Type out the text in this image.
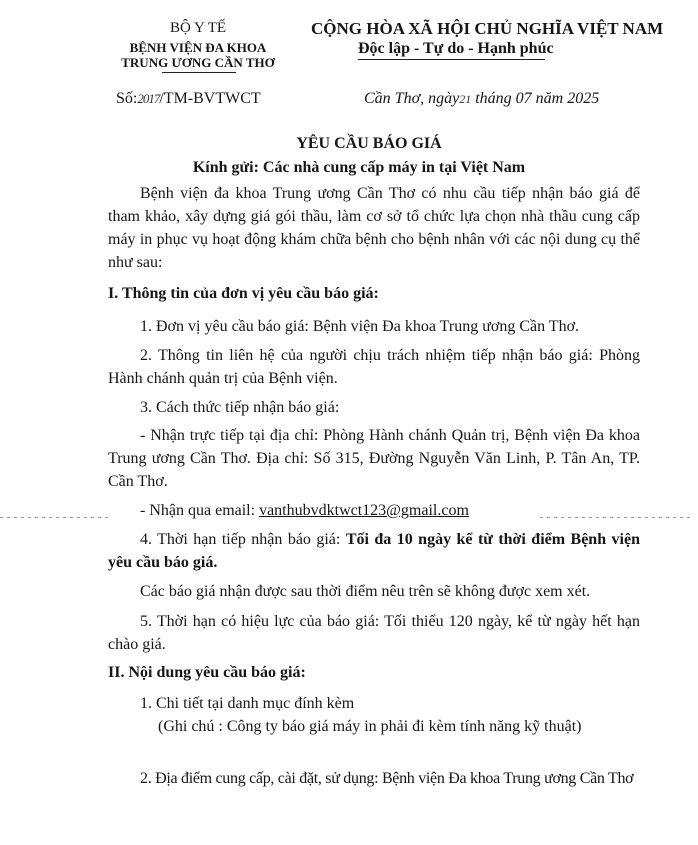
BỘ Y TẾ
BỆNH VIỆN ĐA KHOA
TRUNG ƯƠNG CẦN THƠ
CỘNG HÒA XÃ HỘI CHỦ NGHĨA VIỆT NAM
Độc lập - Tự do - Hạnh phúc
Số:2017/TM-BVTWCT	Cần Thơ, ngày21 tháng 07 năm 2025
YÊU CẦU BÁO GIÁ
Kính gửi: Các nhà cung cấp máy in tại Việt Nam

Bệnh viện đa khoa Trung ương Cần Thơ có nhu cầu tiếp nhận báo giá để tham khảo, xây dựng giá gói thầu, làm cơ sở tổ chức lựa chọn nhà thầu cung cấp máy in phục vụ hoạt động khám chữa bệnh cho bệnh nhân với các nội dung cụ thể như sau:

I. Thông tin của đơn vị yêu cầu báo giá:

1. Đơn vị yêu cầu báo giá: Bệnh viện Đa khoa Trung ương Cần Thơ.

2. Thông tin liên hệ của người chịu trách nhiệm tiếp nhận báo giá: Phòng Hành chánh quản trị của Bệnh viện.

3. Cách thức tiếp nhận báo giá:

- Nhận trực tiếp tại địa chỉ: Phòng Hành chánh Quản trị, Bệnh viện Đa khoa Trung ương Cần Thơ. Địa chỉ: Số 315, Đường Nguyễn Văn Linh, P. Tân An, TP. Cần Thơ.

- Nhận qua email: vanthubvdktwct123@gmail.com

4. Thời hạn tiếp nhận báo giá: Tối đa 10 ngày kể từ thời điểm Bệnh viện yêu cầu báo giá.

Các báo giá nhận được sau thời điểm nêu trên sẽ không được xem xét.

5. Thời hạn có hiệu lực của báo giá: Tối thiểu 120 ngày, kể từ ngày hết hạn chào giá.

II. Nội dung yêu cầu báo giá:
1. Chi tiết tại danh mục đính kèm
(Ghi chú : Công ty báo giá máy in phải đi kèm tính năng kỹ thuật)
2. Địa điểm cung cấp, cài đặt, sử dụng: Bệnh viện Đa khoa Trung ương Cần Thơ
